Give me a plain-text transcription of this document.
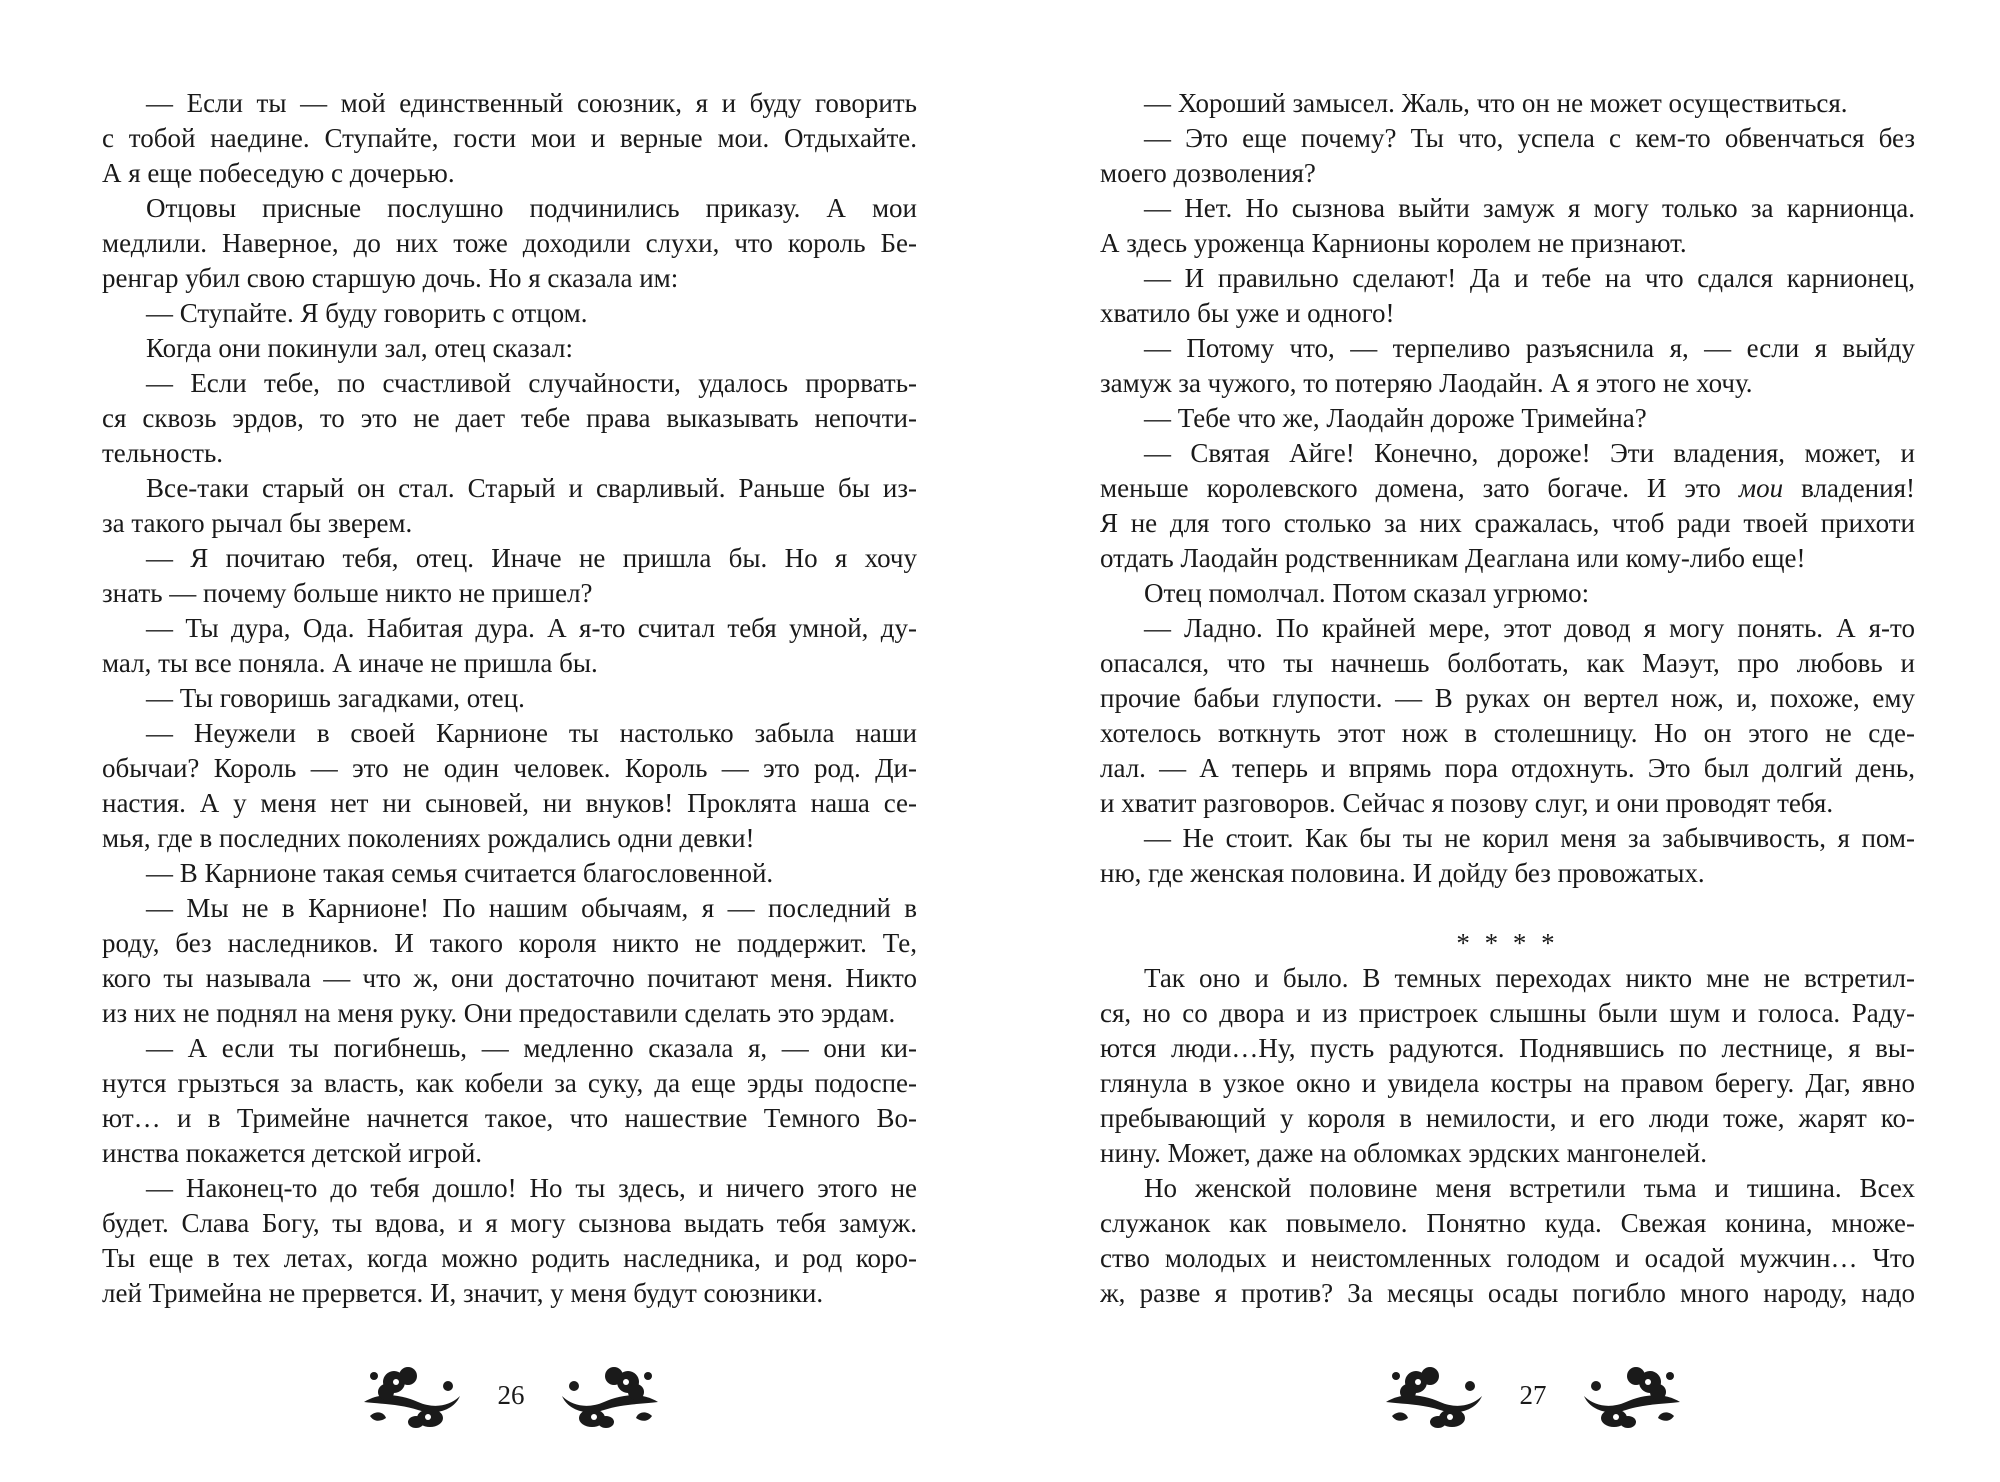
— Если ты — мой единственный союзник, я и буду говорить
с тобой наедине. Ступайте, гости мои и верные мои. Отдыхайте.
А я еще побеседую с дочерью.
Отцовы присные послушно подчинились приказу. А мои
медлили. Наверное, до них тоже доходили слухи, что король Бе-
ренгар убил свою старшую дочь. Но я сказала им:
— Ступайте. Я буду говорить с отцом.
Когда они покинули зал, отец сказал:
— Если тебе, по счастливой случайности, удалось прорвать-
ся сквозь эрдов, то это не дает тебе права выказывать непочти-
тельность.
Все-таки старый он стал. Старый и сварливый. Раньше бы из-
за такого рычал бы зверем.
— Я почитаю тебя, отец. Иначе не пришла бы. Но я хочу
знать — почему больше никто не пришел?
— Ты дура, Ода. Набитая дура. А я-то считал тебя умной, ду-
мал, ты все поняла. А иначе не пришла бы.
— Ты говоришь загадками, отец.
— Неужели в своей Карнионе ты настолько забыла наши
обычаи? Король — это не один человек. Король — это род. Ди-
настия. А у меня нет ни сыновей, ни внуков! Проклята наша се-
мья, где в последних поколениях рождались одни девки!
— В Карнионе такая семья считается благословенной.
— Мы не в Карнионе! По нашим обычаям, я — последний в
роду, без наследников. И такого короля никто не поддержит. Те,
кого ты называла — что ж, они достаточно почитают меня. Никто
из них не поднял на меня руку. Они предоставили сделать это эрдам.
— А если ты погибнешь, — медленно сказала я, — они ки-
нутся грызться за власть, как кобели за суку, да еще эрды подоспе-
ют… и в Тримейне начнется такое, что нашествие Темного Во-
инства покажется детской игрой.
— Наконец-то до тебя дошло! Но ты здесь, и ничего этого не
будет. Слава Богу, ты вдова, и я могу сызнова выдать тебя замуж.
Ты еще в тех летах, когда можно родить наследника, и род коро-
лей Тримейна не прервется. И, значит, у меня будут союзники.
— Хороший замысел. Жаль, что он не может осуществиться.
— Это еще почему? Ты что, успела с кем-то обвенчаться без
моего дозволения?
— Нет. Но сызнова выйти замуж я могу только за карнионца.
А здесь уроженца Карнионы королем не признают.
— И правильно сделают! Да и тебе на что сдался карнионец,
хватило бы уже и одного!
— Потому что, — терпеливо разъяснила я, — если я выйду
замуж за чужого, то потеряю Лаодайн. А я этого не хочу.
— Тебе что же, Лаодайн дороже Тримейна?
— Святая Айге! Конечно, дороже! Эти владения, может, и
меньше королевского домена, зато богаче. И это мои владения!
Я не для того столько за них сражалась, чтоб ради твоей прихоти
отдать Лаодайн родственникам Деаглана или кому-либо еще!
Отец помолчал. Потом сказал угрюмо:
— Ладно. По крайней мере, этот довод я могу понять. А я-то
опасался, что ты начнешь болботать, как Маэут, про любовь и
прочие бабьи глупости. — В руках он вертел нож, и, похоже, ему
хотелось воткнуть этот нож в столешницу. Но он этого не сде-
лал. — А теперь и впрямь пора отдохнуть. Это был долгий день,
и хватит разговоров. Сейчас я позову слуг, и они проводят тебя.
— Не стоит. Как бы ты не корил меня за забывчивость, я пом-
ню, где женская половина. И дойду без провожатых.
* * * *
Так оно и было. В темных переходах никто мне не встретил-
ся, но со двора и из пристроек слышны были шум и голоса. Раду-
ются люди…Ну, пусть радуются. Поднявшись по лестнице, я вы-
глянула в узкое окно и увидела костры на правом берегу. Даг, явно
пребывающий у короля в немилости, и его люди тоже, жарят ко-
нину. Может, даже на обломках эрдских мангонелей.
Но женской половине меня встретили тьма и тишина. Всех
служанок как повымело. Понятно куда. Свежая конина, множе-
ство молодых и неистомленных голодом и осадой мужчин… Что
ж, разве я против? За месяцы осады погибло много народу, надо
26	27
